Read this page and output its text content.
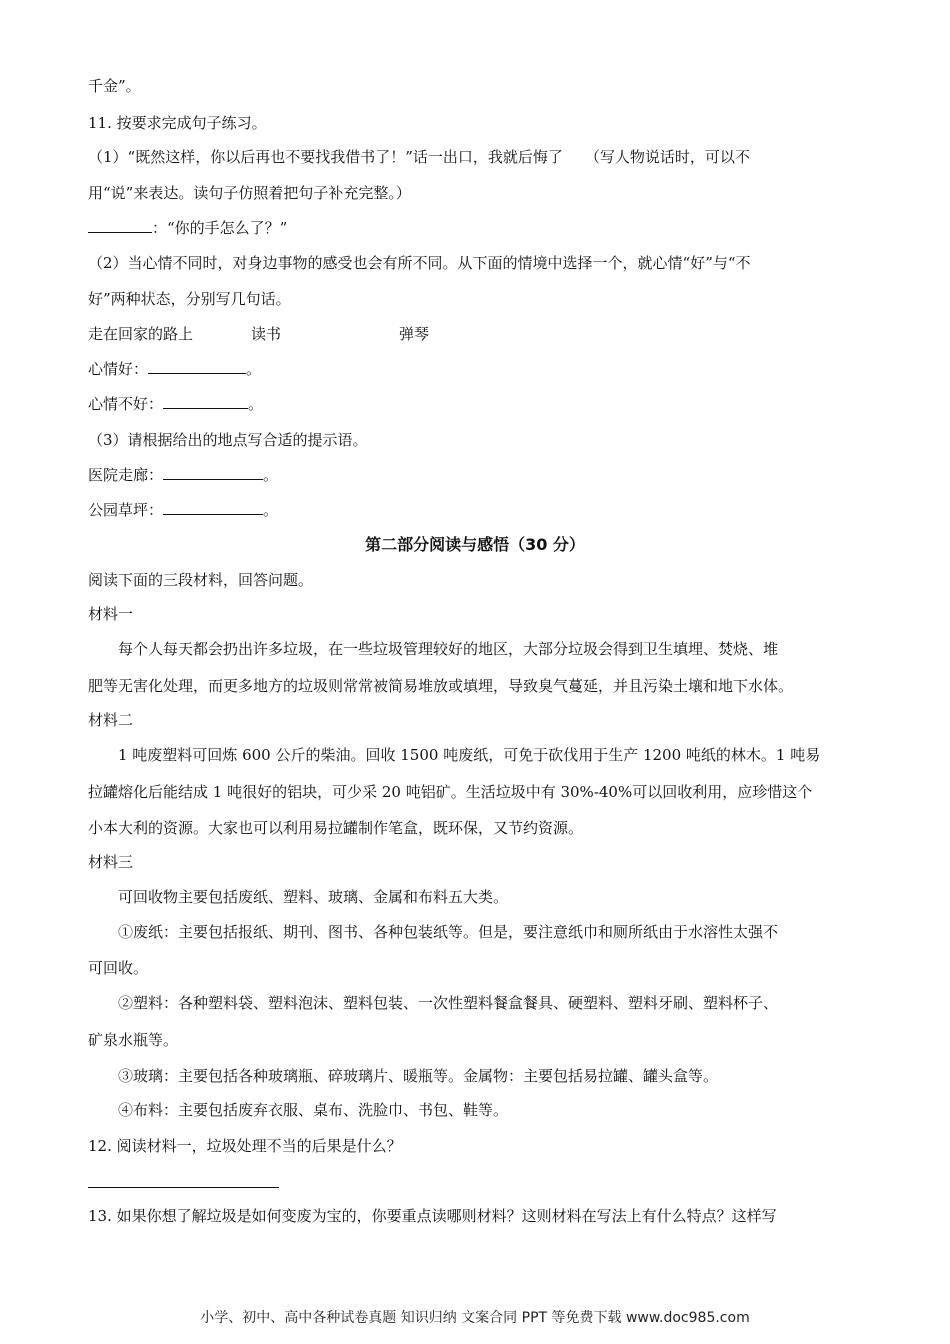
千金”。
11. 按要求完成句子练习。
（1）“既然这样，你以后再也不要找我借书了！”话一出口，我就后悔了 （写人物说话时，可以不
用“说”来表达。读句子仿照着把句子补充完整。）
：“你的手怎么了？”
（2）当心情不同时，对身边事物的感受也会有所不同。从下面的情境中选择一个，就心情“好”与“不
好”两种状态，分别写几句话。
走在回家的路上	读书	弹琴
心情好：	。
心情不好：	。
（3）请根据给出的地点写合适的提示语。
医院走廊：	。
公园草坪：	。
第二部分阅读与感悟（30 分）
阅读下面的三段材料，回答问题。
材料一
每个人每天都会扔出许多垃圾，在一些垃圾管理较好的地区，大部分垃圾会得到卫生填埋、焚烧、堆
肥等无害化处理，而更多地方的垃圾则常常被简易堆放或填埋，导致臭气蔓延，并且污染土壤和地下水体。
材料二
1 吨废塑料可回炼 600 公斤的柴油。回收 1500 吨废纸，可免于砍伐用于生产 1200 吨纸的林木。1 吨易
拉罐熔化后能结成 1 吨很好的铝块，可少采 20 吨铝矿。生活垃圾中有 30%-40%可以回收利用，应珍惜这个
小本大利的资源。大家也可以利用易拉罐制作笔盒，既环保，又节约资源。
材料三
可回收物主要包括废纸、塑料、玻璃、金属和布料五大类。
①废纸：主要包括报纸、期刊、图书、各种包装纸等。但是，要注意纸巾和厕所纸由于水溶性太强不
可回收。
②塑料：各种塑料袋、塑料泡沫、塑料包装、一次性塑料餐盒餐具、硬塑料、塑料牙刷、塑料杯子、
矿泉水瓶等。
③玻璃：主要包括各种玻璃瓶、碎玻璃片、暖瓶等。金属物：主要包括易拉罐、罐头盒等。
④布料：主要包括废弃衣服、桌布、洗脸巾、书包、鞋等。
12. 阅读材料一，垃圾处理不当的后果是什么？
13. 如果你想了解垃圾是如何变废为宝的，你要重点读哪则材料？这则材料在写法上有什么特点？这样写
小学、初中、高中各种试卷真题 知识归纳 文案合同 PPT 等免费下载 www.doc985.com
